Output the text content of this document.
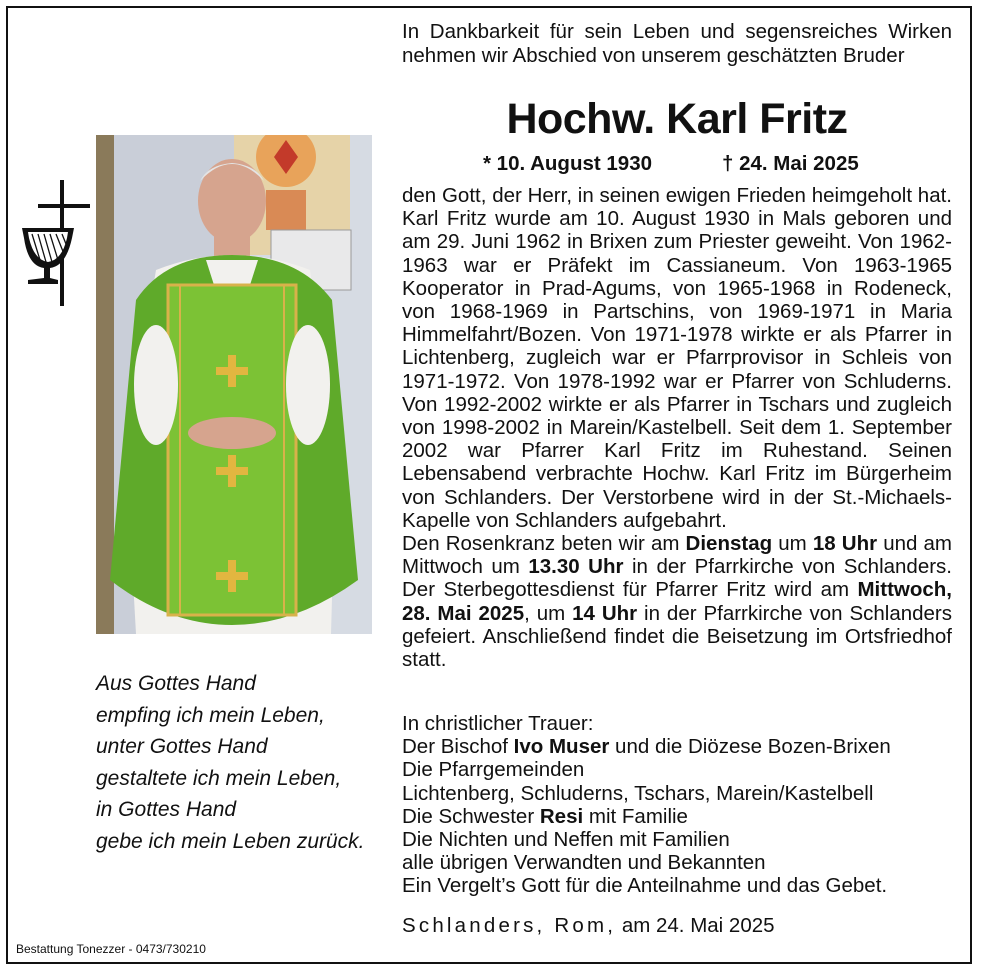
In Dankbarkeit für sein Leben und segensreiches Wirken nehmen wir Abschied von unserem geschätzten Bruder
Hochw. Karl Fritz
* 10. August 1930	† 24. Mai 2025

den Gott, der Herr, in seinen ewigen Frieden heimgeholt hat. Karl Fritz wurde am 10. August 1930 in Mals geboren und am 29. Juni 1962 in Brixen zum Priester geweiht. Von 1962-1963 war er Präfekt im Cassianeum. Von 1963-1965 Kooperator in Prad-Agums, von 1965-1968 in Rodeneck, von 1968-1969 in Partschins, von 1969-1971 in Maria Himmelfahrt/​Bozen. Von 1971-1978 wirkte er als Pfarrer in Lichtenberg, zugleich war er Pfarrprovisor in Schleis von 1971-1972. Von 1978-1992 war er Pfarrer von Schluderns. Von 1992-2002 wirkte er als Pfarrer in Tschars und zugleich von 1998-2002 in Marein/​Kastelbell. Seit dem 1. September 2002 war Pfarrer Karl Fritz im Ruhestand. Seinen Lebensabend verbrachte Hochw. Karl Fritz im Bürgerheim von Schlanders. Der Verstorbene wird in der St.-Michaels-​Kapelle von Schlanders aufgebahrt.

Den Rosenkranz beten wir am Dienstag um 18 Uhr und am Mittwoch um 13.30 Uhr in der Pfarrkirche von Schlanders. Der Sterbegottesdienst für Pfarrer Fritz wird am Mittwoch, 28. Mai 2025, um 14 Uhr in der Pfarrkirche von Schlanders gefeiert. Anschließend findet die Beisetzung im Ortsfriedhof statt.

In christlicher Trauer:
Der Bischof Ivo Muser und die Diözese Bozen-Brixen
Die Pfarrgemeinden
Lichtenberg, Schluderns, Tschars, Marein/Kastelbell
Die Schwester Resi mit Familie
Die Nichten und Neffen mit Familien
alle übrigen Verwandten und Bekannten
Ein Vergelt’s Gott für die Anteilnahme und das Gebet.
Schlanders, Rom, am 24. Mai 2025
Aus Gottes Hand
empfing ich mein Leben,
unter Gottes Hand
gestaltete ich mein Leben,
in Gottes Hand
gebe ich mein Leben zurück.
Bestattung Tonezzer - 0473/730210
